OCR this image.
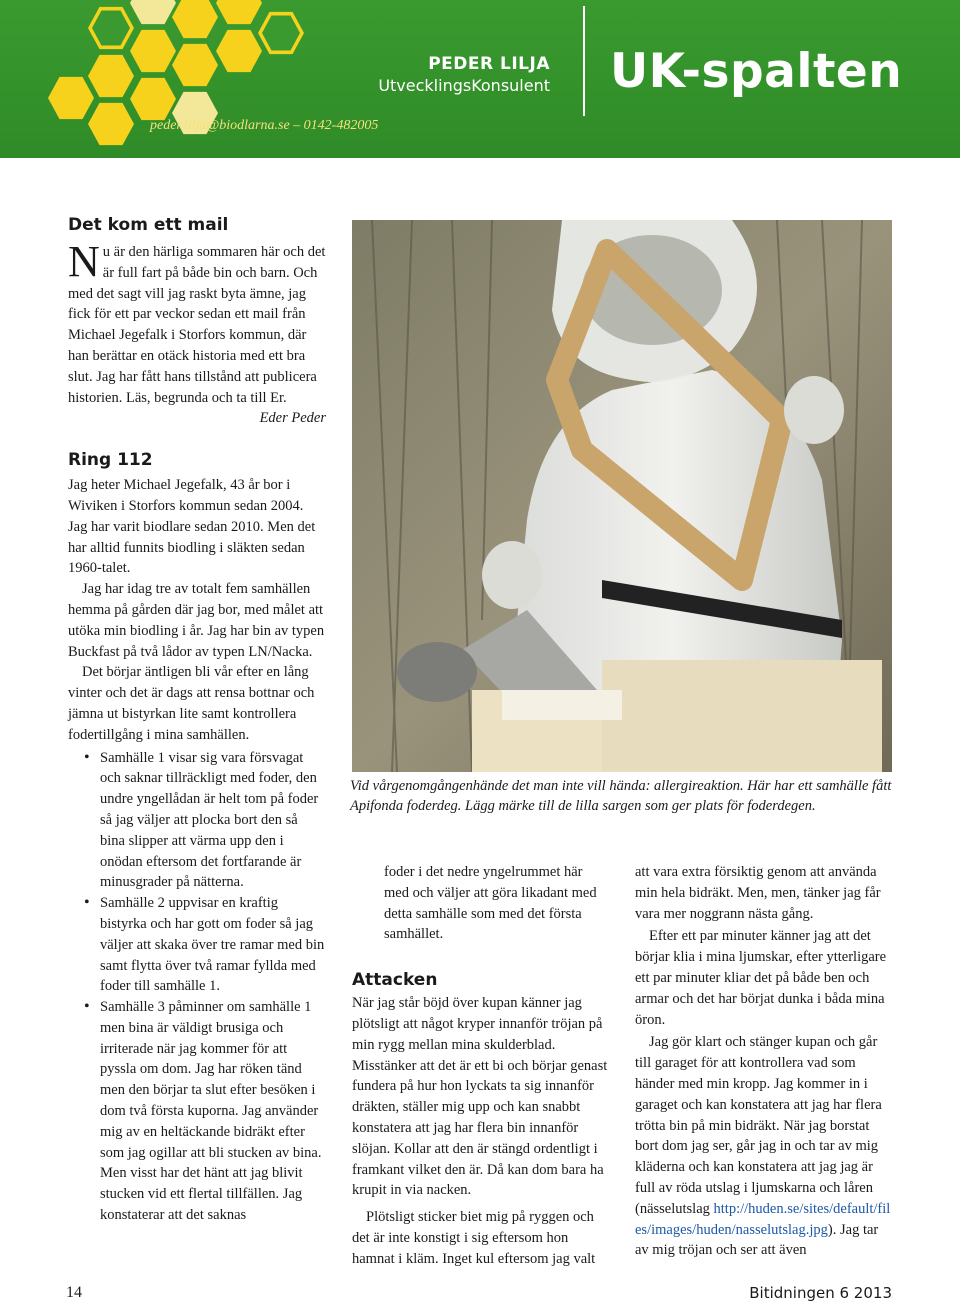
peder.lilja@biodlarna.se – 0142-482005
PEDER LILJA
UtvecklingsKonsulent UK-spalten
Det kom ett mail

Nu är den härliga sommaren här och det är full fart på både bin och barn. Och med det sagt vill jag raskt byta ämne, jag fick för ett par veckor sedan ett mail från Michael Jegefalk i Storfors kommun, där han berättar en otäck historia med ett bra slut. Jag har fått hans tillstånd att publicera historien. Läs, begrunda och ta till Er.

Eder Peder

Ring 112

Jag heter Michael Jegefalk, 43 år bor i Wiviken i Storfors kommun sedan 2004. Jag har varit biodlare sedan 2010. Men det har alltid funnits biodling i släkten sedan 1960-talet.

Jag har idag tre av totalt fem samhällen hemma på gården där jag bor, med målet att utöka min biodling i år. Jag har bin av typen Buckfast på två lådor av typen LN/Nacka.

Det börjar äntligen bli vår efter en lång vinter och det är dags att rensa bottnar och jämna ut bistyrkan lite samt kontrollera fodertillgång i mina samhällen.

• Samhälle 1 visar sig vara försvagat och saknar tillräckligt med foder, den undre yngellådan är helt tom på foder så jag väljer att plocka bort den så bina slipper att värma upp den i onödan eftersom det fortfarande är minusgrader på nätterna.
• Samhälle 2 uppvisar en kraftig bistyrka och har gott om foder så jag väljer att skaka över tre ramar med bin samt flytta över två ramar fyllda med foder till samhälle 1.
• Samhälle 3 påminner om samhälle 1 men bina är väldigt brusiga och irriterade när jag kommer för att pyssla om dom. Jag har röken tänd men den börjar ta slut efter besöken i dom två första kuporna. Jag använder mig av en heltäckande bidräkt efter som jag ogillar att bli stucken av bina. Men visst har det hänt att jag blivit stucken vid ett flertal tillfällen. Jag konstaterar att det saknas
Vid vårgenomgångenhände det man inte vill hända: allergireaktion. Här har ett samhälle fått Apifonda foderdeg. Lägg märke till de lilla sargen som ger plats för foderdegen.

foder i det nedre yngelrummet här med och väljer att göra likadant med detta samhälle som med det första samhället.

Attacken

När jag står böjd över kupan känner jag plötsligt att något kryper innanför tröjan på min rygg mellan mina skulderblad. Misstänker att det är ett bi och börjar genast fundera på hur hon lyckats ta sig innanför dräkten, ställer mig upp och kan snabbt konstatera att jag har flera bin innanför slöjan. Kollar att den är stängd ordentligt i framkant vilket den är. Då kan dom bara ha krupit in via nacken.

Plötsligt sticker biet mig på ryggen och det är inte konstigt i sig eftersom hon hamnat i kläm. Inget kul eftersom jag valt

att vara extra försiktig genom att använda min hela bidräkt. Men, men, tänker jag får vara mer noggrann nästa gång.

Efter ett par minuter känner jag att det börjar klia i mina ljumskar, efter ytterligare ett par minuter kliar det på både ben och armar och det har börjat dunka i båda mina öron.

Jag gör klart och stänger kupan och går till garaget för att kontrollera vad som händer med min kropp. Jag kommer in i garaget och kan konstatera att jag har flera trötta bin på min bidräkt. När jag borstat bort dom jag ser, går jag in och tar av mig kläderna och kan konstatera att jag jag är full av röda utslag i ljumskarna och låren (nässelutslag http://huden.se/sites/default/files/images/huden/nasselutslag.jpg). Jag tar av mig tröjan och ser att även

14	Bitidningen 6 2013
